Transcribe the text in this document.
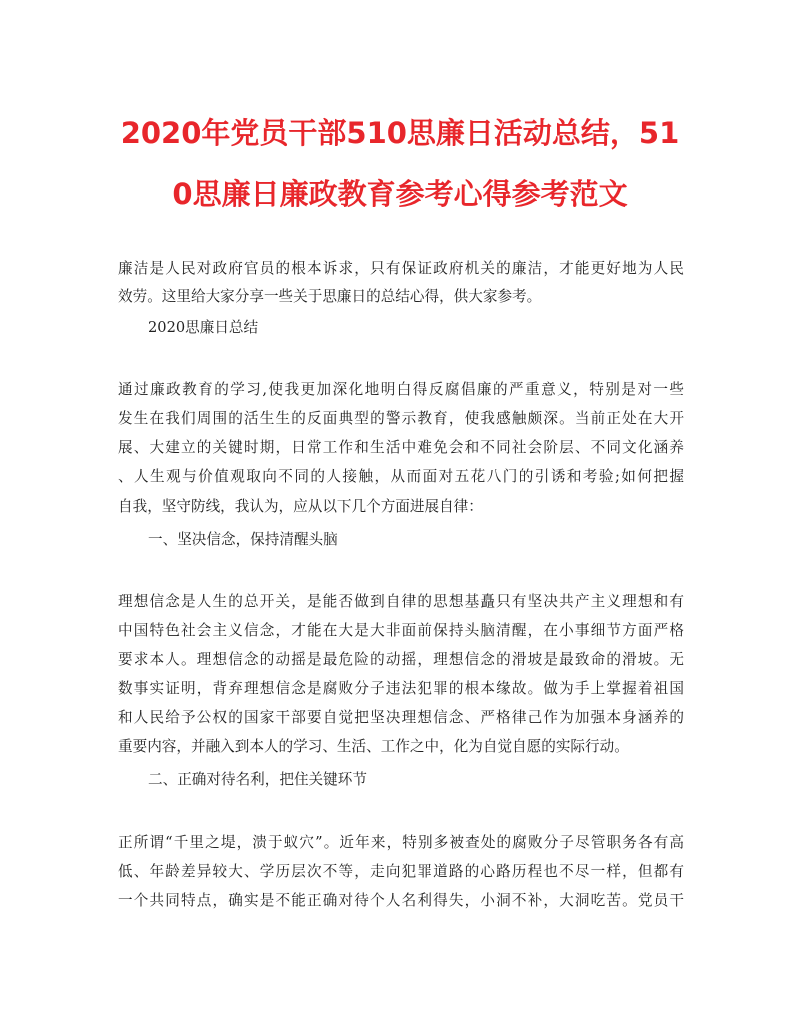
2020年党员干部510思廉日活动总结，51
0思廉日廉政教育参考心得参考范文
廉洁是人民对政府官员的根本诉求，只有保证政府机关的廉洁，才能更好地为人民
效劳。这里给大家分享一些关于思廉日的总结心得，供大家参考。
2020思廉日总结
通过廉政教育的学习,使我更加深化地明白得反腐倡廉的严重意义，特别是对一些
发生在我们周围的活生生的反面典型的警示教育，使我感触颇深。当前正处在大开
展、大建立的关键时期，日常工作和生活中难免会和不同社会阶层、不同文化涵养
、人生观与价值观取向不同的人接触，从而面对五花八门的引诱和考验;如何把握
自我，坚守防线，我认为，应从以下几个方面进展自律：
一、坚决信念，保持清醒头脑
理想信念是人生的总开关，是能否做到自律的思想基矗只有坚决共产主义理想和有
中国特色社会主义信念，才能在大是大非面前保持头脑清醒，在小事细节方面严格
要求本人。理想信念的动摇是最危险的动摇，理想信念的滑坡是最致命的滑坡。无
数事实证明，背弃理想信念是腐败分子违法犯罪的根本缘故。做为手上掌握着祖国
和人民给予公权的国家干部要自觉把坚决理想信念、严格律己作为加强本身涵养的
重要内容，并融入到本人的学习、生活、工作之中，化为自觉自愿的实际行动。
二、正确对待名利，把住关键环节
正所谓“千里之堤，溃于蚁穴”。近年来，特别多被查处的腐败分子尽管职务各有高
低、年龄差异较大、学历层次不等，走向犯罪道路的心路历程也不尽一样，但都有
一个共同特点，确实是不能正确对待个人名利得失，小洞不补，大洞吃苦。党员干
